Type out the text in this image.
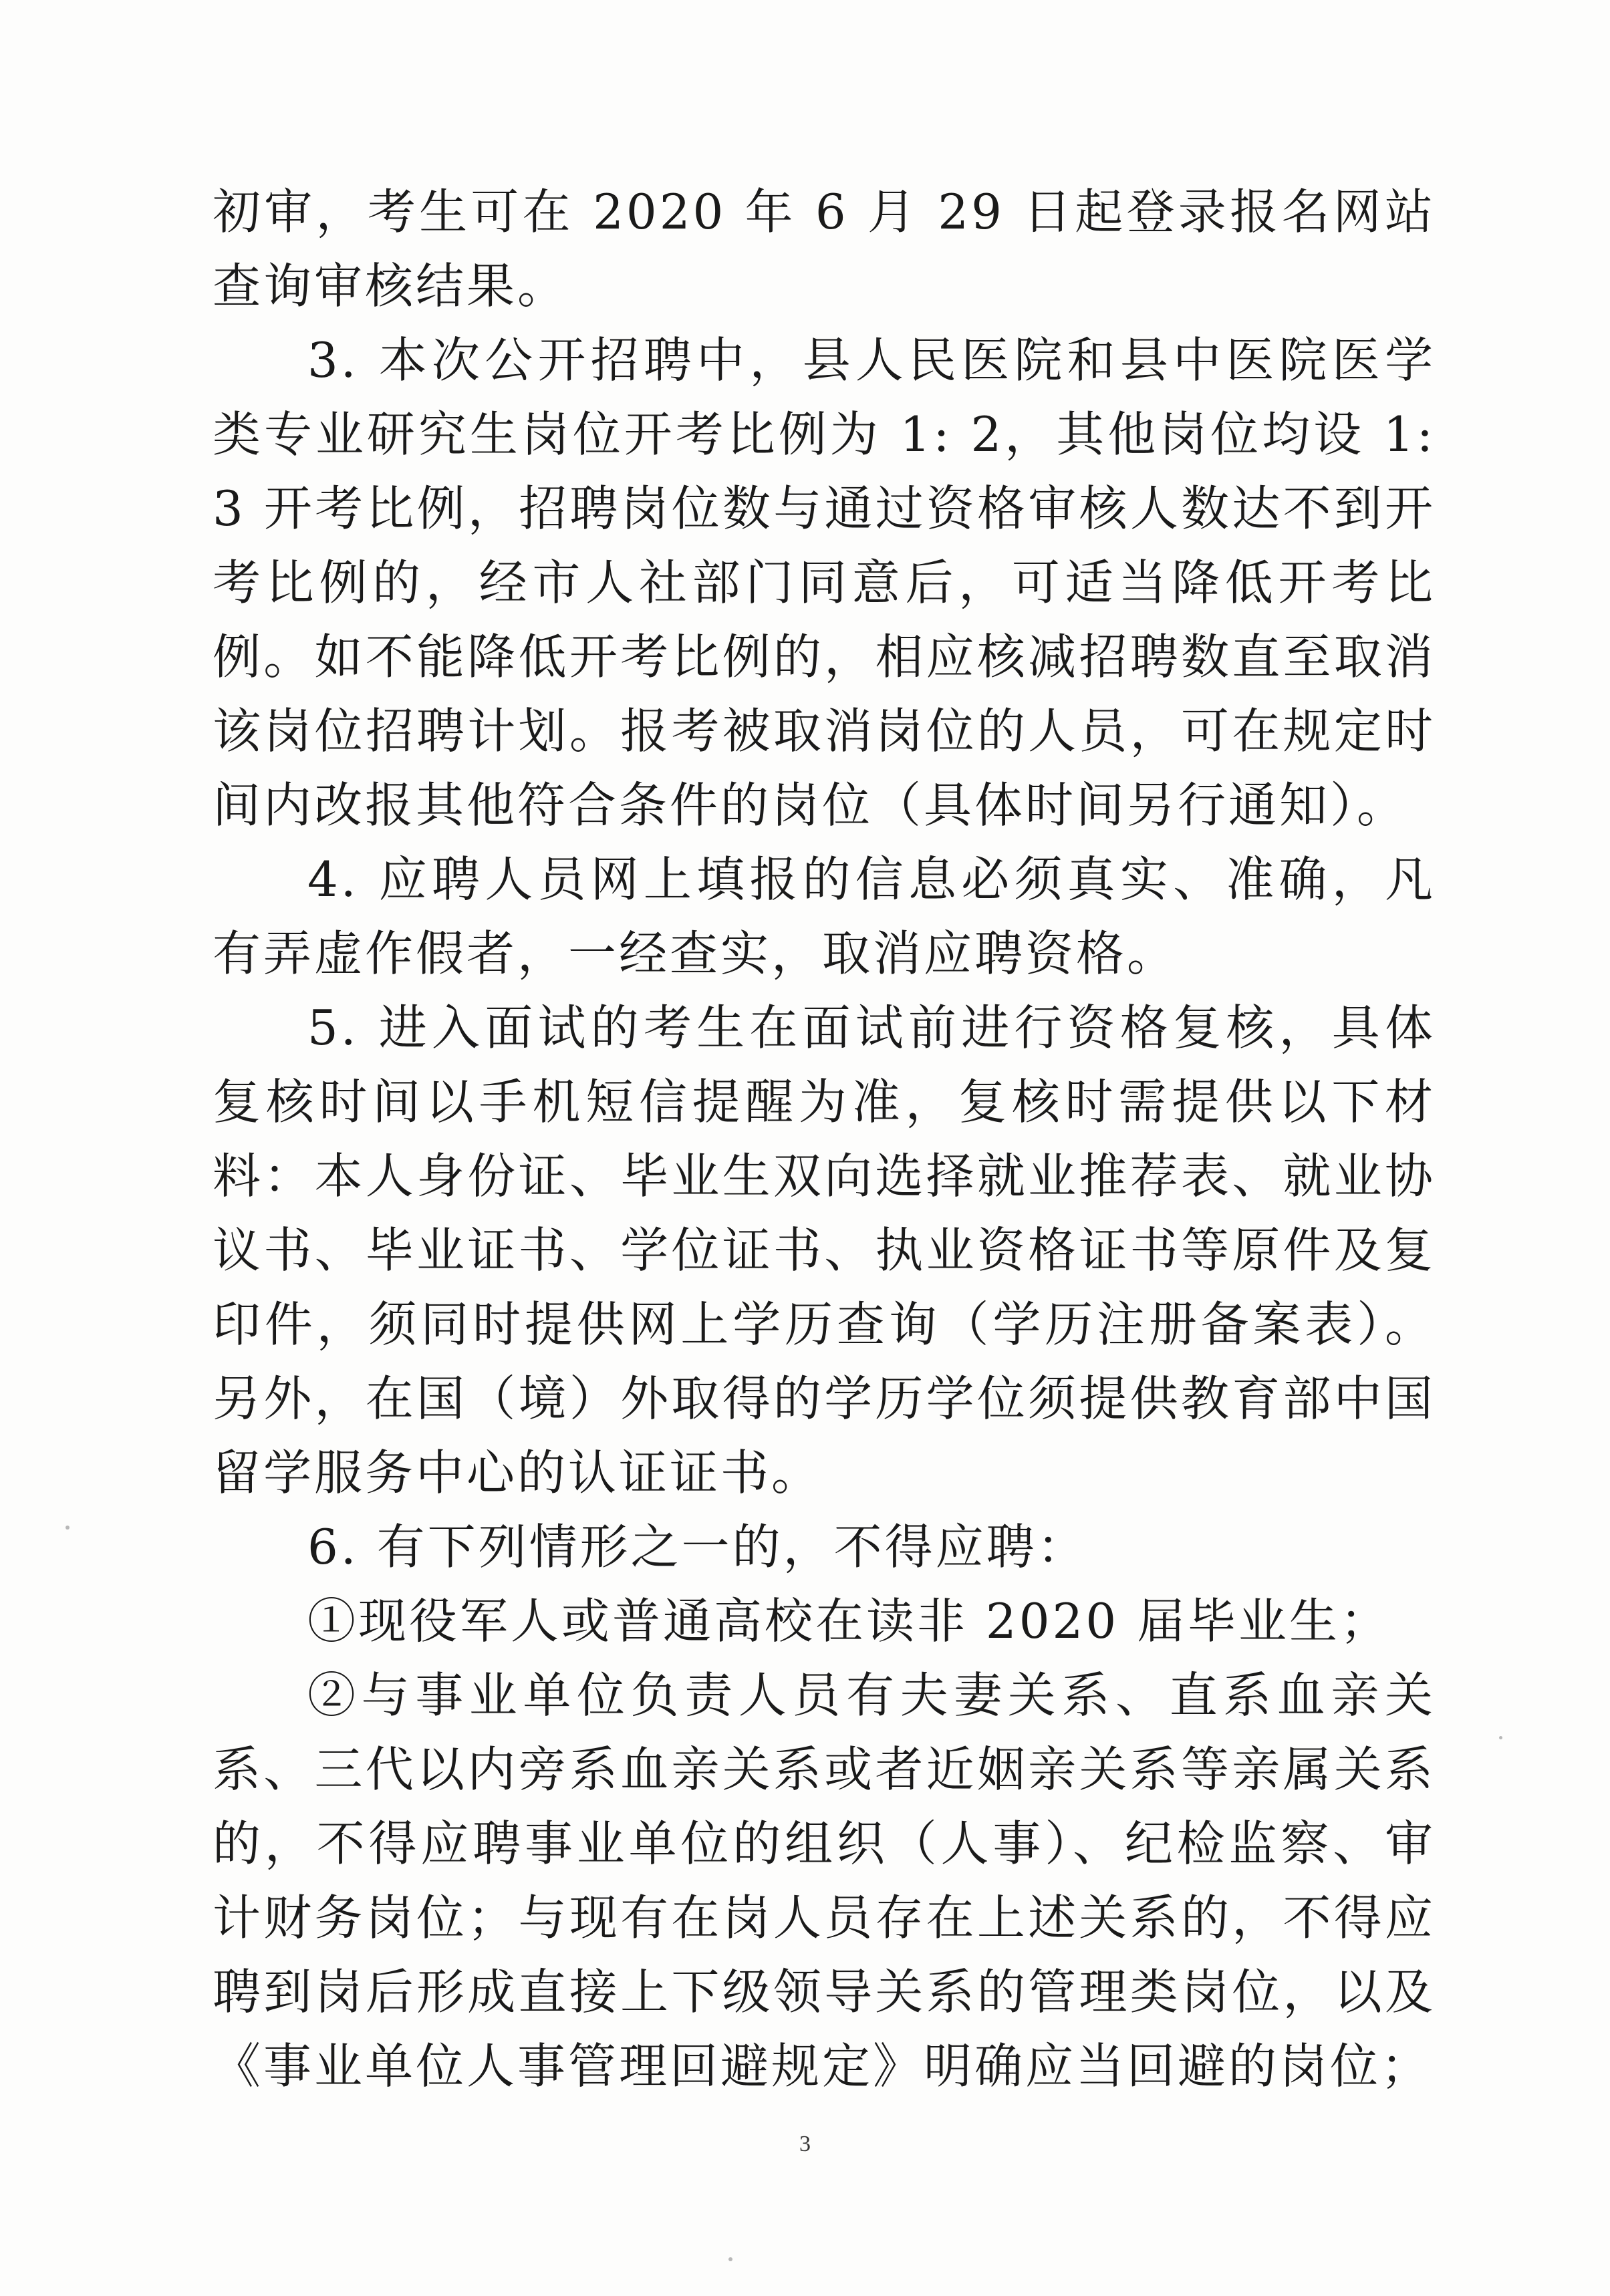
初审，考生可在 2020 年 6 月 29 日起登录报名网站查询审核结果。

3. 本次公开招聘中，县人民医院和县中医院医学类专业研究生岗位开考比例为 1: 2，其他岗位均设 1: 3 开考比例，招聘岗位数与通过资格审核人数达不到开考比例的，经市人社部门同意后，可适当降低开考比例。如不能降低开考比例的，相应核减招聘数直至取消该岗位招聘计划。报考被取消岗位的人员，可在规定时间内改报其他符合条件的岗位（具体时间另行通知）。

4. 应聘人员网上填报的信息必须真实、准确，凡有弄虚作假者，一经查实，取消应聘资格。

5. 进入面试的考生在面试前进行资格复核，具体复核时间以手机短信提醒为准，复核时需提供以下材料：本人身份证、毕业生双向选择就业推荐表、就业协议书、毕业证书、学位证书、执业资格证书等原件及复印件，须同时提供网上学历查询（学历注册备案表）。另外，在国（境）外取得的学历学位须提供教育部中国留学服务中心的认证证书。

6. 有下列情形之一的，不得应聘：

①现役军人或普通高校在读非 2020 届毕业生；

②与事业单位负责人员有夫妻关系、直系血亲关系、三代以内旁系血亲关系或者近姻亲关系等亲属关系的，不得应聘事业单位的组织（人事）、纪检监察、审计财务岗位；与现有在岗人员存在上述关系的，不得应聘到岗后形成直接上下级领导关系的管理类岗位，以及《事业单位人事管理回避规定》明确应当回避的岗位；

3
